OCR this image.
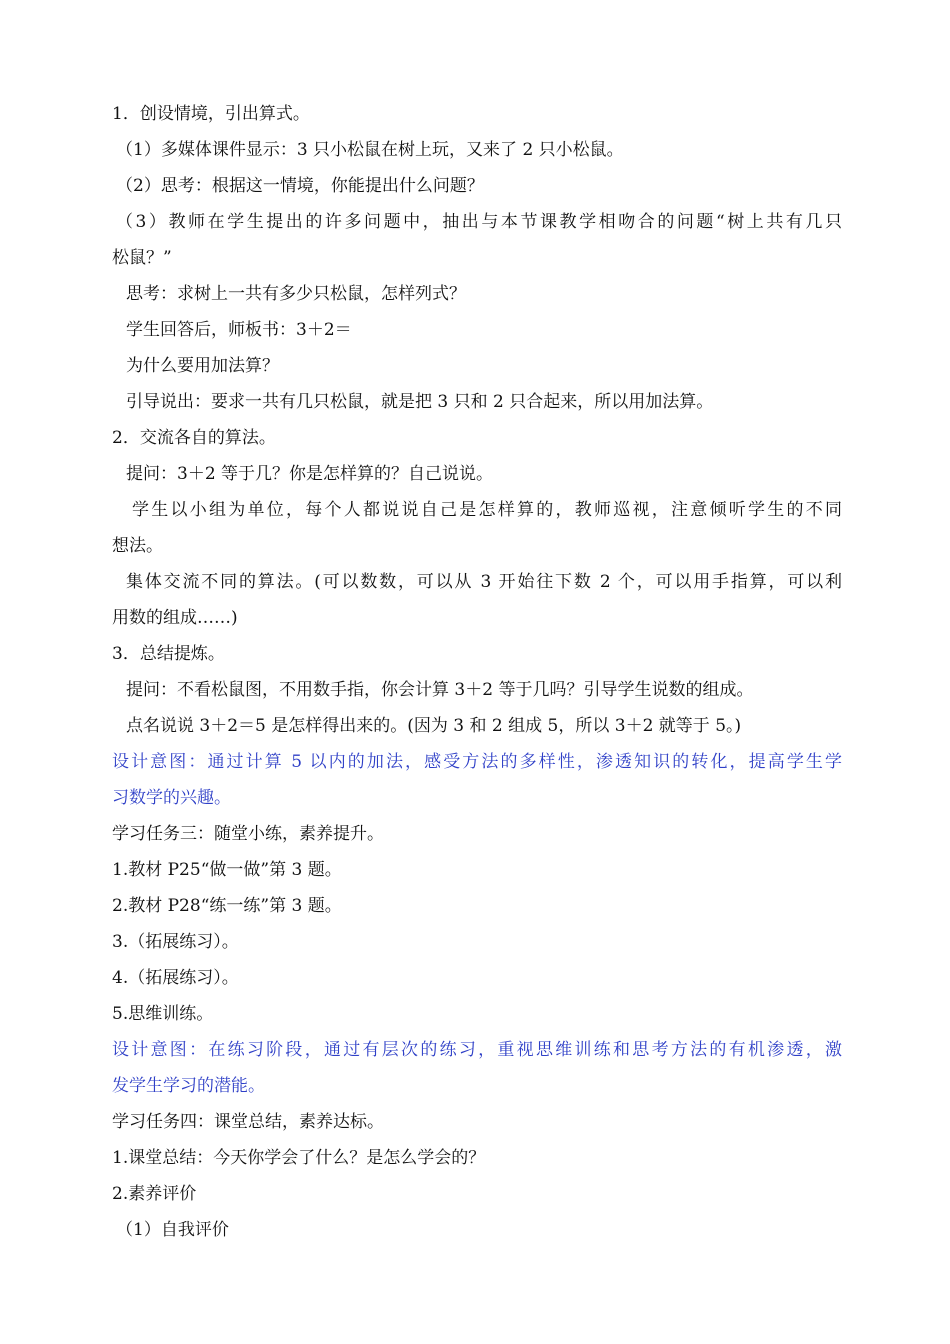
1．创设情境，引出算式。
（1）多媒体课件显示：3 只小松鼠在树上玩，又来了 2 只小松鼠。
（2）思考：根据这一情境，你能提出什么问题？
（3）教师在学生提出的许多问题中，抽出与本节课教学相吻合的问题“树上共有几只
松鼠？”
思考：求树上一共有多少只松鼠，怎样列式？
学生回答后，师板书：3＋2＝
为什么要用加法算？
引导说出：要求一共有几只松鼠，就是把 3 只和 2 只合起来，所以用加法算。
2．交流各自的算法。
提问：3＋2 等于几？你是怎样算的？自己说说。
学生以小组为单位，每个人都说说自己是怎样算的，教师巡视，注意倾听学生的不同
想法。
集体交流不同的算法。(可以数数，可以从 3 开始往下数 2 个，可以用手指算，可以利
用数的组成……)
3．总结提炼。
提问：不看松鼠图，不用数手指，你会计算 3＋2 等于几吗？引导学生说数的组成。
点名说说 3＋2＝5 是怎样得出来的。(因为 3 和 2 组成 5，所以 3＋2 就等于 5。)
设计意图：通过计算 5 以内的加法，感受方法的多样性，渗透知识的转化，提高学生学
习数学的兴趣。
学习任务三：随堂小练，素养提升。
1.教材 P25“做一做”第 3 题。
2.教材 P28“练一练”第 3 题。
3.（拓展练习）。
4.（拓展练习）。
5.思维训练。
设计意图：在练习阶段，通过有层次的练习，重视思维训练和思考方法的有机渗透，激
发学生学习的潜能。
学习任务四：课堂总结，素养达标。
1.课堂总结：今天你学会了什么？是怎么学会的？
2.素养评价
（1）自我评价
